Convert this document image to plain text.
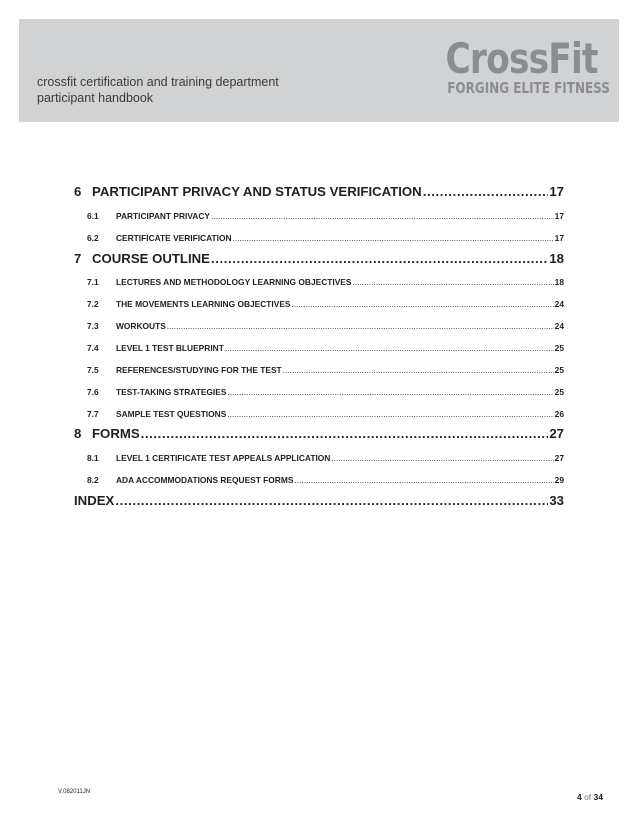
crossfit certification and training department
participant handbook
CrossFit
FORGING ELITE FITNESS
6 PARTICIPANT PRIVACY AND STATUS VERIFICATION .....	17
6.1	PARTICIPANT PRIVACY .....	17
6.2	CERTIFICATE VERIFICATION .....	17
7 COURSE OUTLINE .....	18
7.1	LECTURES AND METHODOLOGY LEARNING OBJECTIVES .....	18
7.2	THE MOVEMENTS LEARNING OBJECTIVES .....	24
7.3	WORKOUTS .....	24
7.4	LEVEL 1 TEST BLUEPRINT .....	25
7.5	REFERENCES/STUDYING FOR THE TEST .....	25
7.6	TEST-TAKING STRATEGIES .....	25
7.7	SAMPLE TEST QUESTIONS .....	26
8 FORMS .....	27
8.1	LEVEL 1 CERTIFICATE TEST APPEALS APPLICATION .....	27
8.2	ADA ACCOMMODATIONS REQUEST FORMS .....	29
INDEX .....	33
V.082011JN	4 of 34
